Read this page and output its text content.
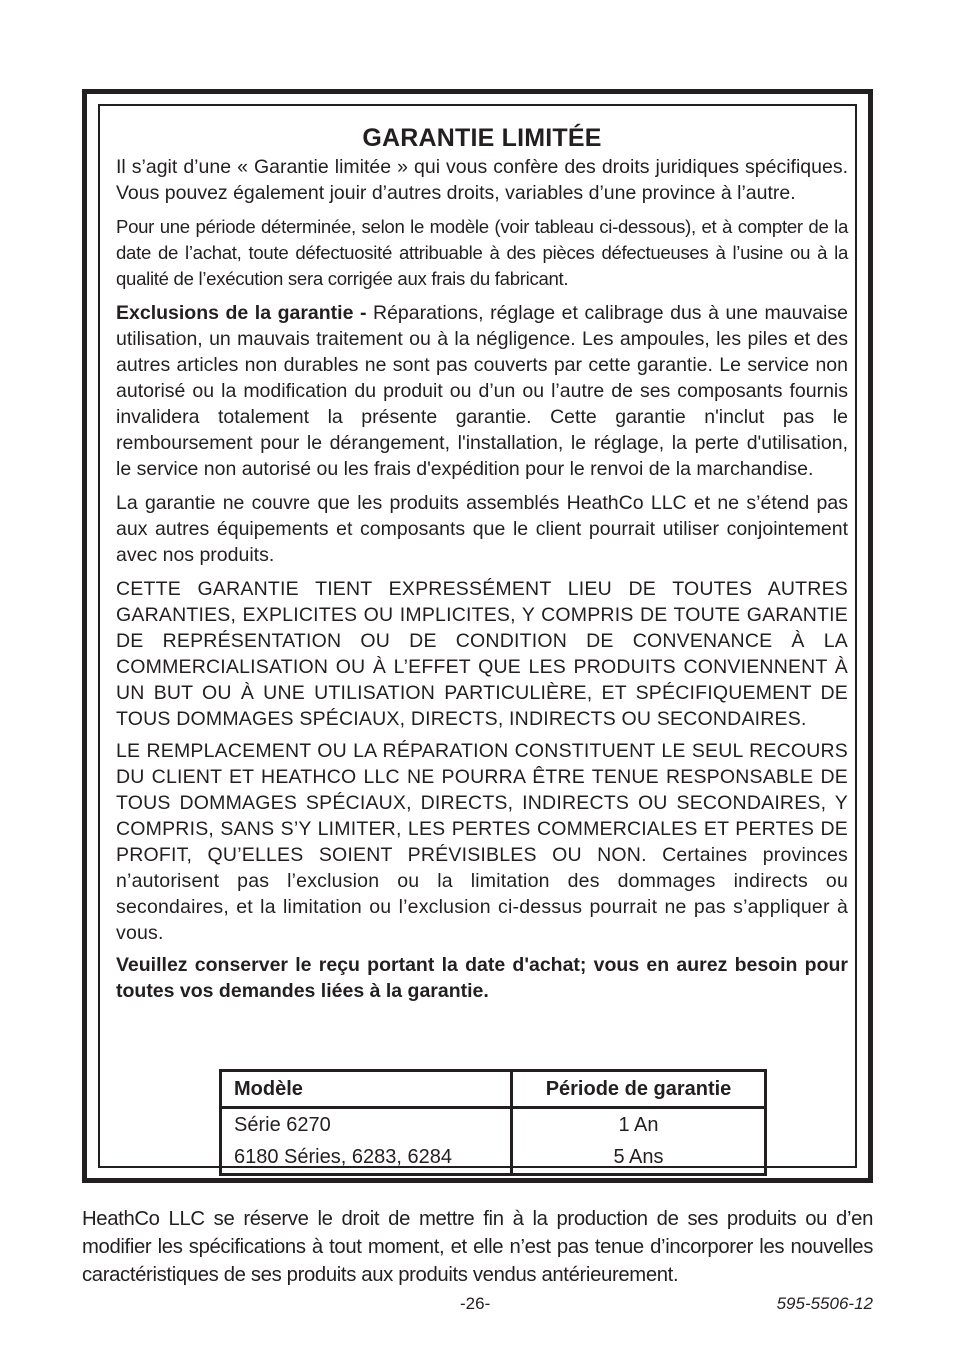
GARANTIE LIMITÉE

Il s’agit d’une « Garantie limitée » qui vous confère des droits juridiques spécifiques. Vous pouvez également jouir d’autres droits, variables d’une province à l’autre.

Pour une période déterminée, selon le modèle (voir tableau ci-dessous), et à compter de la date de l’achat, toute défectuosité attribuable à des pièces défectueuses à l’usine ou à la qualité de l’exécution sera corrigée aux frais du fabricant.

Exclusions de la garantie - Réparations, réglage et calibrage dus à une mauvaise utilisation, un mauvais traitement ou à la négligence. Les ampoules, les piles et des autres articles non durables ne sont pas couverts par cette garantie. Le service non autorisé ou la modification du produit ou d’un ou l’autre de ses composants fournis invalidera totalement la présente garantie. Cette garantie n'inclut pas le remboursement pour le dérangement, l'installation, le réglage, la perte d'utilisation, le service non autorisé ou les frais d'expédition pour le renvoi de la marchandise.

La garantie ne couvre que les produits assemblés HeathCo LLC et ne s’étend pas aux autres équipements et composants que le client pourrait utiliser conjointement avec nos produits.

CETTE GARANTIE TIENT EXPRESSÉMENT LIEU DE TOUTES AUTRES GARANTIES, EXPLICITES OU IMPLICITES, Y COMPRIS DE TOUTE GARANTIE DE REPRÉSENTATION OU DE CONDITION DE CONVENANCE À LA COMMERCIALISATION OU À L’EFFET QUE LES PRODUITS CONVIENNENT À UN BUT OU À UNE UTILISATION PARTICULIÈRE, ET SPÉCIFIQUEMENT DE TOUS DOMMAGES SPÉCIAUX, DIRECTS, INDIRECTS OU SECONDAIRES.

LE REMPLACEMENT OU LA RÉPARATION CONSTITUENT LE SEUL RECOURS DU CLIENT ET HEATHCO LLC NE POURRA ÊTRE TENUE RESPONSABLE DE TOUS DOMMAGES SPÉCIAUX, DIRECTS, INDIRECTS OU SECONDAIRES, Y COMPRIS, SANS S’Y LIMITER, LES PERTES COMMERCIALES ET PERTES DE PROFIT, QU’ELLES SOIENT PRÉVISIBLES OU NON. Certaines provinces n’autorisent pas l’exclusion ou la limitation des dommages indirects ou secondaires, et la limitation ou l’exclusion ci-dessus pourrait ne pas s’appliquer à vous.

Veuillez conserver le reçu portant la date d'achat; vous en aurez besoin pour toutes vos demandes liées à la garantie.

Modèle	Période de garantie
Série 6270	1 An
6180 Séries, 6283, 6284	5 Ans

HeathCo LLC se réserve le droit de mettre fin à la production de ses produits ou d’en modifier les spécifications à tout moment, et elle n’est pas tenue d’incorporer les nouvelles caractéristiques de ses produits aux produits vendus antérieurement.

-26-	595-5506-12
